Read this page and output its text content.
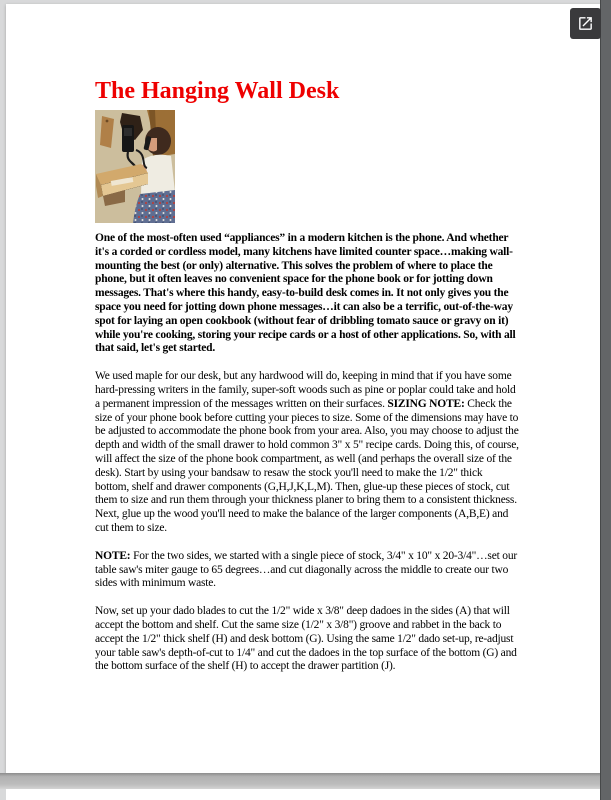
The Hanging Wall Desk

One of the most-often used “appliances” in a modern kitchen is the phone. And whether it's a corded or cordless model, many kitchens have limited counter space…making wall-mounting the best (or only) alternative. This solves the problem of where to place the phone, but it often leaves no convenient space for the phone book or for jotting down messages. That's where this handy, easy-to-build desk comes in. It not only gives you the space you need for jotting down phone messages…it can also be a terrific, out-of-the-way spot for laying an open cookbook (without fear of dribbling tomato sauce or gravy on it) while you're cooking, storing your recipe cards or a host of other applications. So, with all that said, let's get started.

We used maple for our desk, but any hardwood will do, keeping in mind that if you have some hard-pressing writers in the family, super-soft woods such as pine or poplar could take and hold a permanent impression of the messages written on their surfaces. SIZING NOTE: Check the size of your phone book before cutting your pieces to size. Some of the dimensions may have to be adjusted to accommodate the phone book from your area. Also, you may choose to adjust the depth and width of the small drawer to hold common 3" x 5" recipe cards. Doing this, of course, will affect the size of the phone book compartment, as well (and perhaps the overall size of the desk). Start by using your bandsaw to resaw the stock you'll need to make the 1/2" thick bottom, shelf and drawer components (G,H,J,K,L,M). Then, glue-up these pieces of stock, cut them to size and run them through your thickness planer to bring them to a consistent thickness. Next, glue up the wood you'll need to make the balance of the larger components (A,B,E) and cut them to size.

NOTE: For the two sides, we started with a single piece of stock, 3/4" x 10" x 20-3/4"…set our table saw's miter gauge to 65 degrees…and cut diagonally across the middle to create our two sides with minimum waste.

Now, set up your dado blades to cut the 1/2" wide x 3/8" deep dadoes in the sides (A) that will accept the bottom and shelf. Cut the same size (1/2" x 3/8") groove and rabbet in the back to accept the 1/2" thick shelf (H) and desk bottom (G). Using the same 1/2" dado set-up, re-adjust your table saw's depth-of-cut to 1/4" and cut the dadoes in the top surface of the bottom (G) and the bottom surface of the shelf (H) to accept the drawer partition (J).
